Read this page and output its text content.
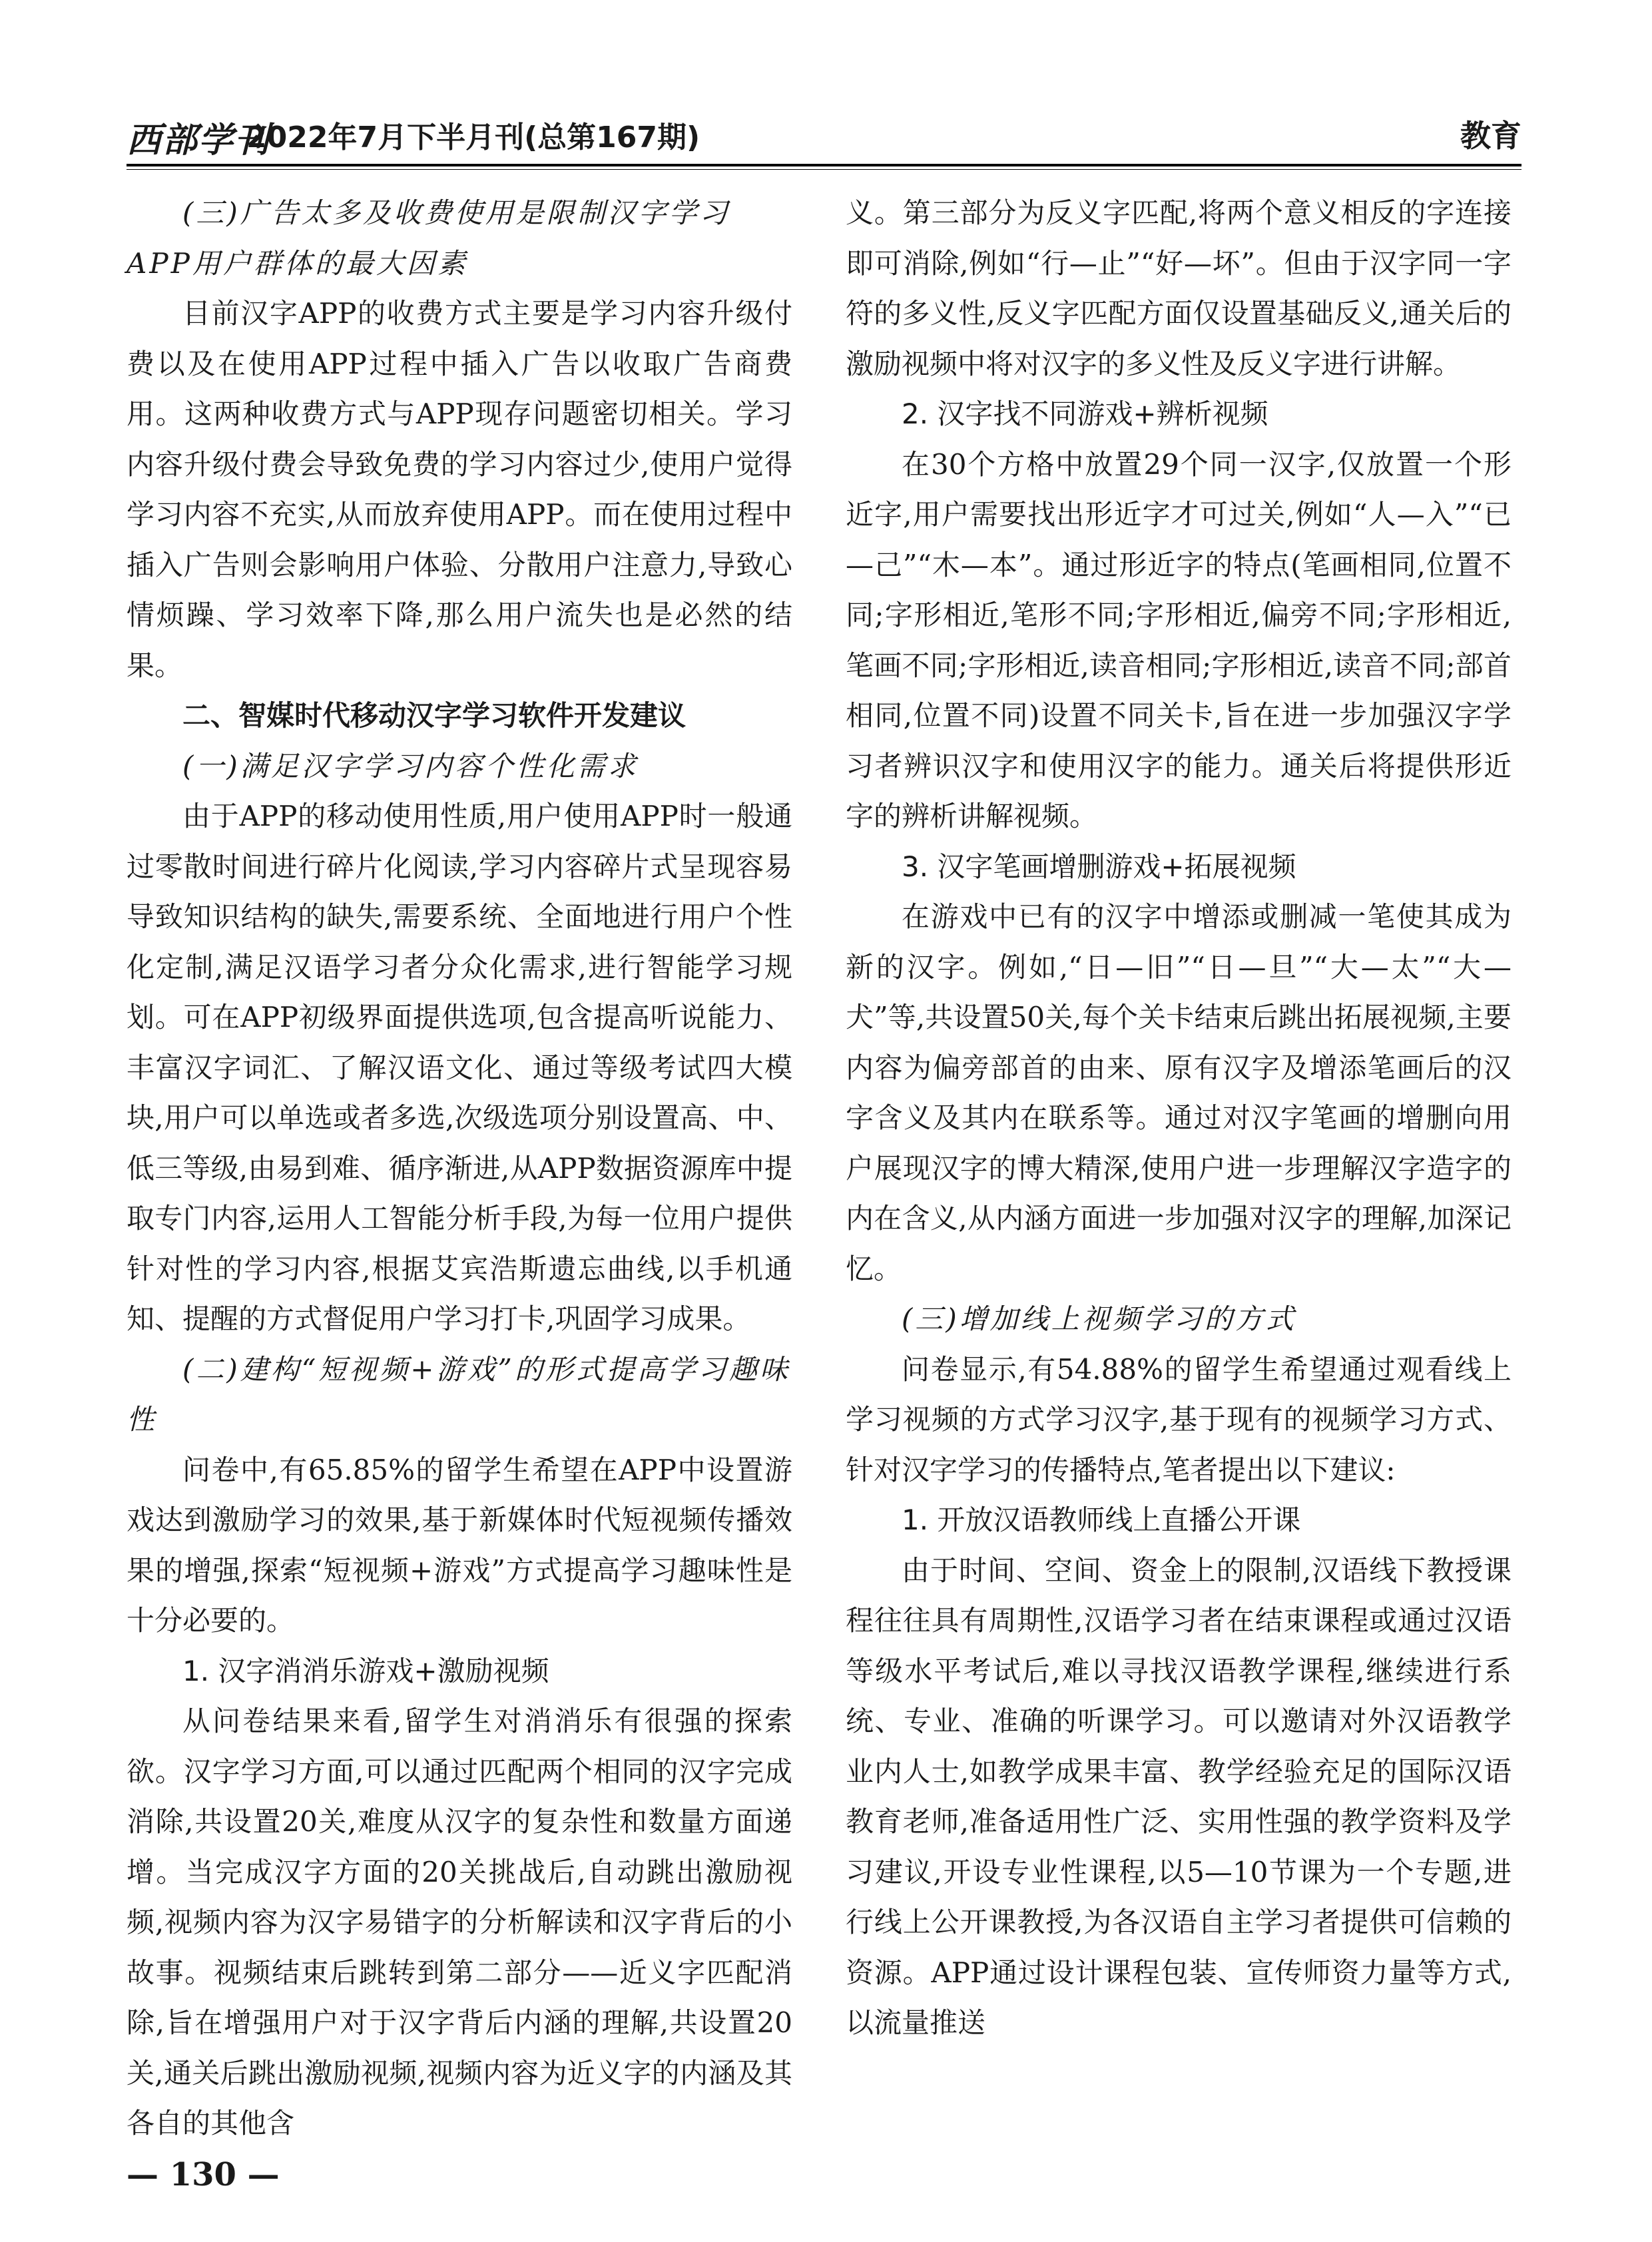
西部学刊
2022年7月下半月刊(总第167期)	教育

(三)广告太多及收费使用是限制汉字学习APP用户群体的最大因素

目前汉字APP的收费方式主要是学习内容升级付费以及在使用APP过程中插入广告以收取广告商费用。这两种收费方式与APP现存问题密切相关。学习内容升级付费会导致免费的学习内容过少,使用户觉得学习内容不充实,从而放弃使用APP。而在使用过程中插入广告则会影响用户体验、分散用户注意力,导致心情烦躁、学习效率下降,那么用户流失也是必然的结果。

二、智媒时代移动汉字学习软件开发建议

(一)满足汉字学习内容个性化需求

由于APP的移动使用性质,用户使用APP时一般通过零散时间进行碎片化阅读,学习内容碎片式呈现容易导致知识结构的缺失,需要系统、全面地进行用户个性化定制,满足汉语学习者分众化需求,进行智能学习规划。可在APP初级界面提供选项,包含提高听说能力、丰富汉字词汇、了解汉语文化、通过等级考试四大模块,用户可以单选或者多选,次级选项分别设置高、中、低三等级,由易到难、循序渐进,从APP数据资源库中提取专门内容,运用人工智能分析手段,为每一位用户提供针对性的学习内容,根据艾宾浩斯遗忘曲线,以手机通知、提醒的方式督促用户学习打卡,巩固学习成果。

(二)建构“短视频+游戏”的形式提高学习趣味性

问卷中,有65.85%的留学生希望在APP中设置游戏达到激励学习的效果,基于新媒体时代短视频传播效果的增强,探索“短视频+游戏”方式提高学习趣味性是十分必要的。

1. 汉字消消乐游戏+激励视频

从问卷结果来看,留学生对消消乐有很强的探索欲。汉字学习方面,可以通过匹配两个相同的汉字完成消除,共设置20关,难度从汉字的复杂性和数量方面递增。当完成汉字方面的20关挑战后,自动跳出激励视频,视频内容为汉字易错字的分析解读和汉字背后的小故事。视频结束后跳转到第二部分——近义字匹配消除,旨在增强用户对于汉字背后内涵的理解,共设置20关,通关后跳出激励视频,视频内容为近义字的内涵及其各自的其他含

义。第三部分为反义字匹配,将两个意义相反的字连接即可消除,例如“行—止”“好—坏”。但由于汉字同一字符的多义性,反义字匹配方面仅设置基础反义,通关后的激励视频中将对汉字的多义性及反义字进行讲解。

2. 汉字找不同游戏+辨析视频

在30个方格中放置29个同一汉字,仅放置一个形近字,用户需要找出形近字才可过关,例如“人—入”“已—己”“木—本”。通过形近字的特点(笔画相同,位置不同;字形相近,笔形不同;字形相近,偏旁不同;字形相近,笔画不同;字形相近,读音相同;字形相近,读音不同;部首相同,位置不同)设置不同关卡,旨在进一步加强汉字学习者辨识汉字和使用汉字的能力。通关后将提供形近字的辨析讲解视频。

3. 汉字笔画增删游戏+拓展视频

在游戏中已有的汉字中增添或删减一笔使其成为新的汉字。例如,“日—旧”“日—旦”“大—太”“大—犬”等,共设置50关,每个关卡结束后跳出拓展视频,主要内容为偏旁部首的由来、原有汉字及增添笔画后的汉字含义及其内在联系等。通过对汉字笔画的增删向用户展现汉字的博大精深,使用户进一步理解汉字造字的内在含义,从内涵方面进一步加强对汉字的理解,加深记忆。

(三)增加线上视频学习的方式

问卷显示,有54.88%的留学生希望通过观看线上学习视频的方式学习汉字,基于现有的视频学习方式、针对汉字学习的传播特点,笔者提出以下建议:

1. 开放汉语教师线上直播公开课

由于时间、空间、资金上的限制,汉语线下教授课程往往具有周期性,汉语学习者在结束课程或通过汉语等级水平考试后,难以寻找汉语教学课程,继续进行系统、专业、准确的听课学习。可以邀请对外汉语教学业内人士,如教学成果丰富、教学经验充足的国际汉语教育老师,准备适用性广泛、实用性强的教学资料及学习建议,开设专业性课程,以5—10节课为一个专题,进行线上公开课教授,为各汉语自主学习者提供可信赖的资源。APP通过设计课程包装、宣传师资力量等方式,以流量推送

— 130 —
